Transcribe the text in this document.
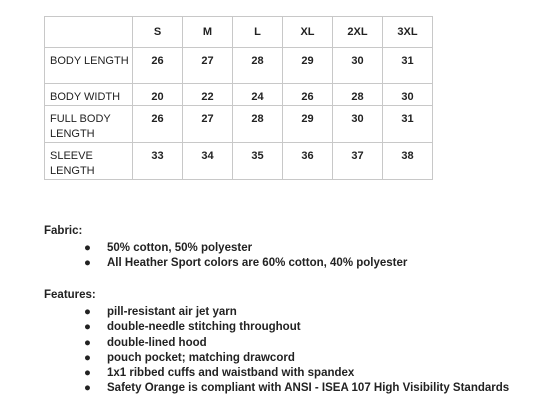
	S	M	L	XL	2XL	3XL
BODY LENGTH	26	27	28	29	30	31
BODY WIDTH	20	22	24	26	28	30
FULL BODY LENGTH	26	27	28	29	30	31
SLEEVE LENGTH	33	34	35	36	37	38
Fabric:
● 50% cotton, 50% polyester
● All Heather Sport colors are 60% cotton, 40% polyester
Features:
● pill-resistant air jet yarn
● double-needle stitching throughout
● double-lined hood
● pouch pocket; matching drawcord
● 1x1 ribbed cuffs and waistband with spandex
● Safety Orange is compliant with ANSI - ISEA 107 High Visibility Standards
